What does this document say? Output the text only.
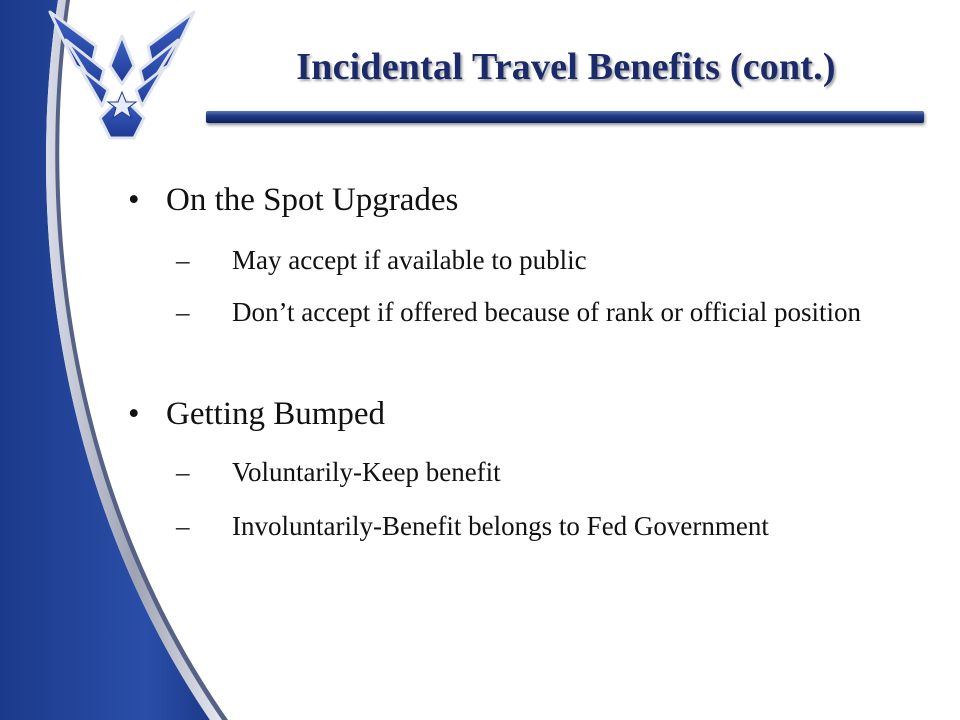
Incidental Travel Benefits (cont.)
• On the Spot Upgrades
– May accept if available to public
– Don’t accept if offered because of rank or official position
• Getting Bumped
– Voluntarily-Keep benefit
– Involuntarily-Benefit belongs to Fed Government
